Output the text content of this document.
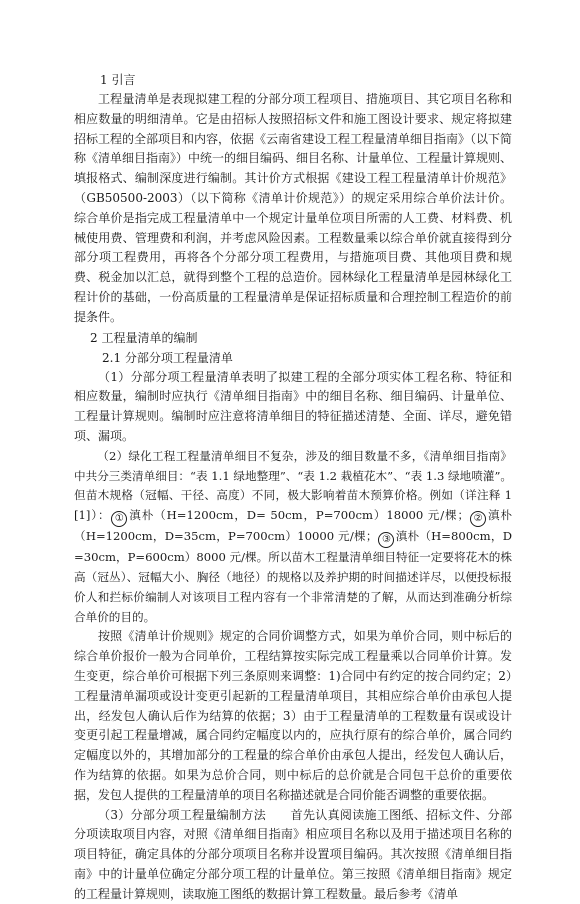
1 引言

工程量清单是表现拟建工程的分部分项工程项目、措施项目、其它项目名称和相应数量的明细清单。它是由招标人按照招标文件和施工图设计要求、规定将拟建招标工程的全部项目和内容，依据《云南省建设工程工程量清单细目指南》（以下简称《清单细目指南》）中统一的细目编码、细目名称、计量单位、工程量计算规则、填报格式、编制深度进行编制。其计价方式根据《建设工程工程量清单计价规范》（GB50500-2003）（以下简称《清单计价规范》）的规定采用综合单价法计价。综合单价是指完成工程量清单中一个规定计量单位项目所需的人工费、材料费、机械使用费、管理费和利润，并考虑风险因素。工程数量乘以综合单价就直接得到分部分项工程费用，再将各个分部分项工程费用，与措施项目费、其他项目费和规费、税金加以汇总，就得到整个工程的总造价。园林绿化工程量清单是园林绿化工程计价的基础，一份高质量的工程量清单是保证招标质量和合理控制工程造价的前提条件。

2 工程量清单的编制

2.1 分部分项工程量清单

（1）分部分项工程量清单表明了拟建工程的全部分项实体工程名称、特征和相应数量，编制时应执行《清单细目指南》中的细目名称、细目编码、计量单位、工程量计算规则。编制时应注意将清单细目的特征描述清楚、全面、详尽，避免错项、漏项。

（2）绿化工程工程量清单细目不复杂，涉及的细目数量不多，《清单细目指南》中共分三类清单细目：“表 1.1 绿地整理”、“表 1.2 栽植花木”、“表 1.3 绿地喷灌”。但苗木规格（冠幅、干径、高度）不同，极大影响着苗木预算价格。例如（详注释 1[1]）： ① 滇朴（H=1200cm，D= 50cm，P=700cm）18000 元/棵； ② 滇朴（H=1200cm，D=35cm，P=700cm）10000 元/棵； ③ 滇朴（H=800cm，D=30cm，P=600cm）8000 元/棵。所以苗木工程量清单细目特征一定要将花木的株高（冠丛）、冠幅大小、胸径（地径）的规格以及养护期的时间描述详尽，以便投标报价人和拦标价编制人对该项目工程内容有一个非常清楚的了解，从而达到准确分析综合单价的目的。

按照《清单计价规则》规定的合同价调整方式，如果为单价合同，则中标后的综合单价报价一般为合同单价，工程结算按实际完成工程量乘以合同单价计算。发生变更，综合单价可根据下列三条原则来调整：1)合同中有约定的按合同约定；2）工程量清单漏项或设计变更引起新的工程量清单项目，其相应综合单价由承包人提出，经发包人确认后作为结算的依据；3）由于工程量清单的工程数量有误或设计变更引起工程量增减，属合同约定幅度以内的，应执行原有的综合单价，属合同约定幅度以外的，其增加部分的工程量的综合单价由承包人提出，经发包人确认后，作为结算的依据。如果为总价合同，则中标后的总价就是合同包干总价的重要依据，发包人提供的工程量清单的项目名称描述就是合同价能否调整的重要依据。

（3）分部分项工程量编制方法　　首先认真阅读施工图纸、招标文件、分部分项读取项目内容，对照《清单细目指南》相应项目名称以及用于描述项目名称的项目特征，确定具体的分部分项项目名称并设置项目编码。其次按照《清单细目指南》中的计量单位确定分部分项工程的计量单位。第三按照《清单细目指南》规定的工程量计算规则，读取施工图纸的数据计算工程数量。最后参考《清单
